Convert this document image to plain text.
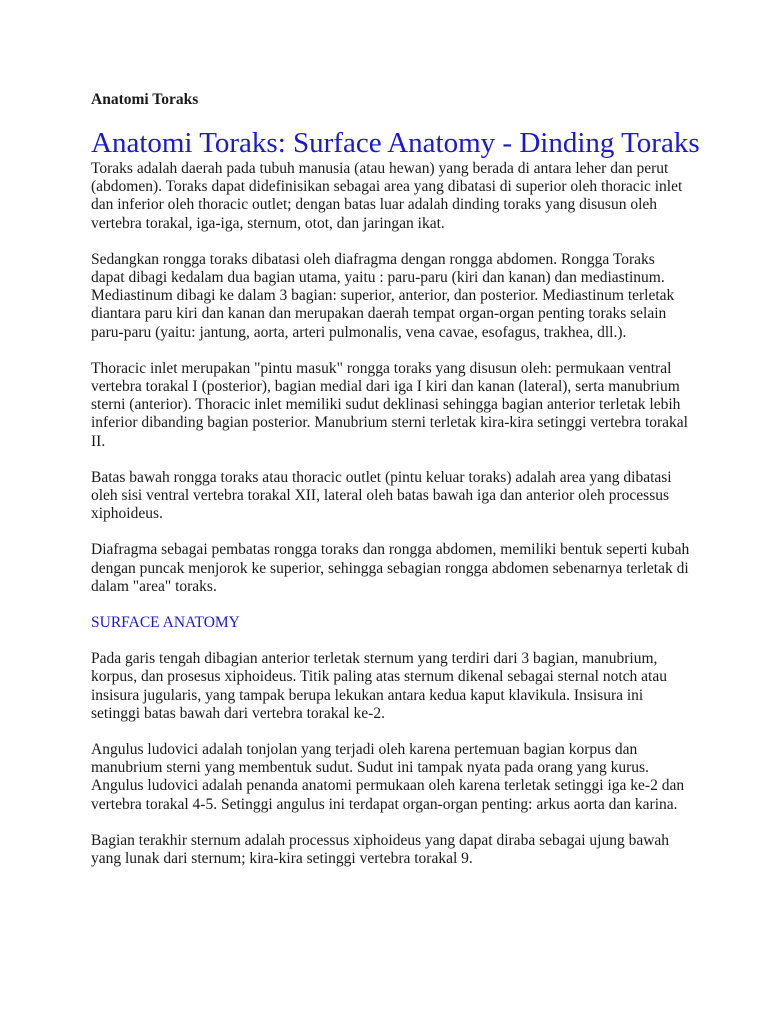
Anatomi Toraks
Anatomi Toraks: Surface Anatomy - Dinding Toraks

Toraks adalah daerah pada tubuh manusia (atau hewan) yang berada di antara leher dan perut (abdomen). Toraks dapat didefinisikan sebagai area yang dibatasi di superior oleh thoracic inlet dan inferior oleh thoracic outlet; dengan batas luar adalah dinding toraks yang disusun oleh vertebra torakal, iga-iga, sternum, otot, dan jaringan ikat.

Sedangkan rongga toraks dibatasi oleh diafragma dengan rongga abdomen. Rongga Toraks dapat dibagi kedalam dua bagian utama, yaitu : paru-paru (kiri dan kanan) dan mediastinum. Mediastinum dibagi ke dalam 3 bagian: superior, anterior, dan posterior. Mediastinum terletak diantara paru kiri dan kanan dan merupakan daerah tempat organ-organ penting toraks selain paru-paru (yaitu: jantung, aorta, arteri pulmonalis, vena cavae, esofagus, trakhea, dll.).

Thoracic inlet merupakan "pintu masuk" rongga toraks yang disusun oleh: permukaan ventral vertebra torakal I (posterior), bagian medial dari iga I kiri dan kanan (lateral), serta manubrium sterni (anterior). Thoracic inlet memiliki sudut deklinasi sehingga bagian anterior terletak lebih inferior dibanding bagian posterior. Manubrium sterni terletak kira-kira setinggi vertebra torakal II.

Batas bawah rongga toraks atau thoracic outlet (pintu keluar toraks) adalah area yang dibatasi oleh sisi ventral vertebra torakal XII, lateral oleh batas bawah iga dan anterior oleh processus xiphoideus.

Diafragma sebagai pembatas rongga toraks dan rongga abdomen, memiliki bentuk seperti kubah dengan puncak menjorok ke superior, sehingga sebagian rongga abdomen sebenarnya terletak di dalam "area" toraks.

SURFACE ANATOMY

Pada garis tengah dibagian anterior terletak sternum yang terdiri dari 3 bagian, manubrium, korpus, dan prosesus xiphoideus. Titik paling atas sternum dikenal sebagai sternal notch atau insisura jugularis, yang tampak berupa lekukan antara kedua kaput klavikula. Insisura ini setinggi batas bawah dari vertebra torakal ke-2.

Angulus ludovici adalah tonjolan yang terjadi oleh karena pertemuan bagian korpus dan manubrium sterni yang membentuk sudut. Sudut ini tampak nyata pada orang yang kurus. Angulus ludovici adalah penanda anatomi permukaan oleh karena terletak setinggi iga ke-2 dan vertebra torakal 4-5. Setinggi angulus ini terdapat organ-organ penting: arkus aorta dan karina.

Bagian terakhir sternum adalah processus xiphoideus yang dapat diraba sebagai ujung bawah yang lunak dari sternum; kira-kira setinggi vertebra torakal 9.
